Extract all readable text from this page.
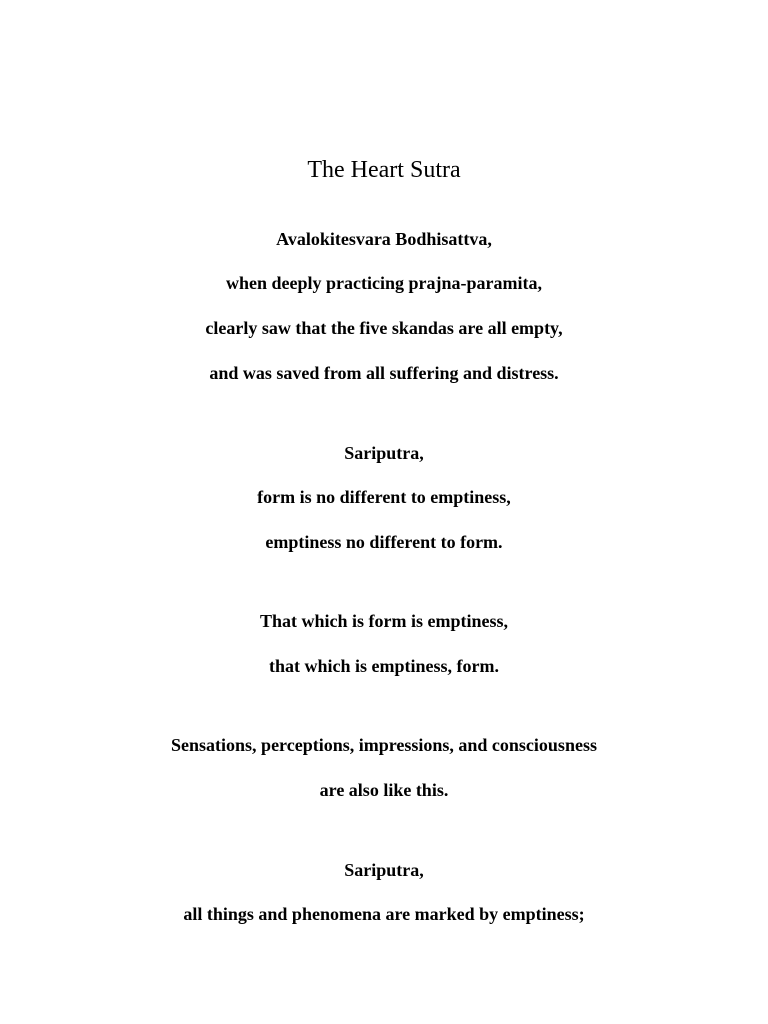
The Heart Sutra

Avalokitesvara Bodhisattva,

when deeply practicing prajna-paramita,

clearly saw that the five skandas are all empty,

and was saved from all suffering and distress.

Sariputra,

form is no different to emptiness,

emptiness no different to form.

That which is form is emptiness,

that which is emptiness, form.

Sensations, perceptions, impressions, and consciousness

are also like this.

Sariputra,

all things and phenomena are marked by emptiness;
